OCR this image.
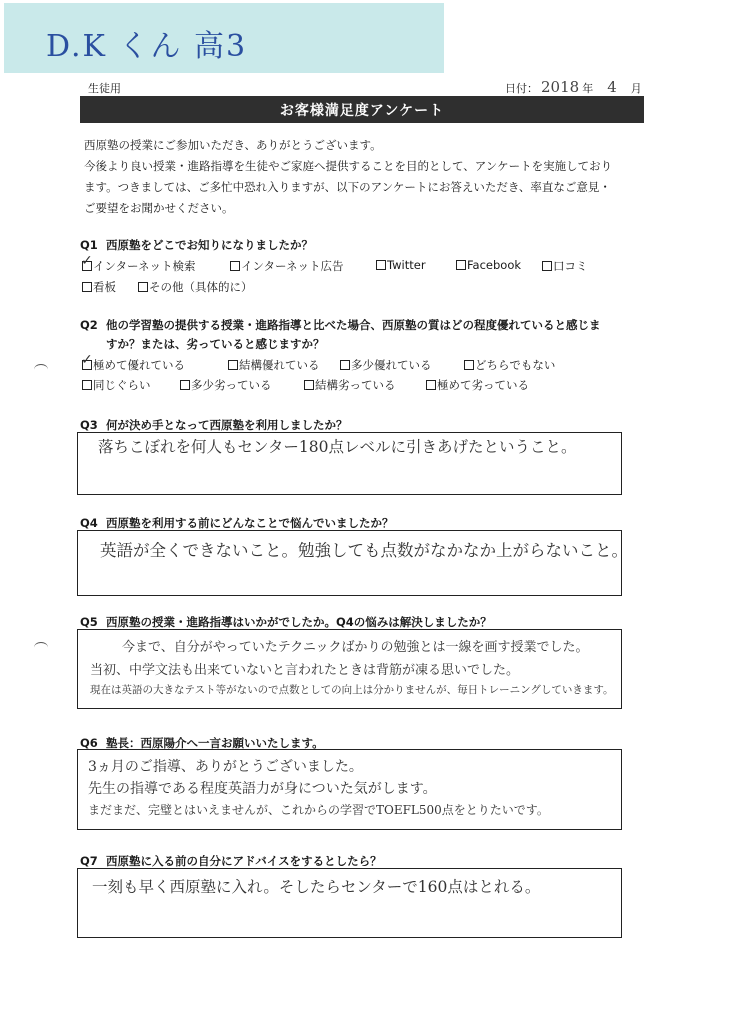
D.K くん 高3
生徒用	日付： 2018 年 4 月
お客様満足度アンケート
西原塾の授業にご参加いただき、ありがとうございます。
今後より良い授業・進路指導を生徒やご家庭へ提供することを目的として、アンケートを実施しており
ます。つきましては、ご多忙中恐れ入りますが、以下のアンケートにお答えいただき、率直なご意見・
ご要望をお聞かせください。
Q1 西原塾をどこでお知りになりましたか？
✓ インターネット検索	インターネット広告	Twitter	Facebook	口コミ
看板	その他（具体的に）
Q2 他の学習塾の提供する授業・進路指導と比べた場合、西原塾の質はどの程度優れていると感じま
すか？または、劣っていると感じますか？
✓ 極めて優れている	結構優れている	多少優れている	どちらでもない
同じぐらい	多少劣っている	結構劣っている	極めて劣っている
Q3 何が決め手となって西原塾を利用しましたか？
落ちこぼれを何人もセンター180点レベルに引きあげたということ。
Q4 西原塾を利用する前にどんなことで悩んでいましたか？
英語が全くできないこと。勉強しても点数がなかなか上がらないこと。
Q5 西原塾の授業・進路指導はいかがでしたか。Q4の悩みは解決しましたか？
今まで、自分がやっていたテクニックばかりの勉強とは一線を画す授業でした。
当初、中学文法も出来ていないと言われたときは背筋が凍る思いでした。
現在は英語の大きなテスト等がないので点数としての向上は分かりませんが、毎日トレーニングしていきます。
Q6 塾長：西原陽介へ一言お願いいたします。
3ヵ月のご指導、ありがとうございました。
先生の指導である程度英語力が身についた気がします。
まだまだ、完璧とはいえませんが、これからの学習でTOEFL500点をとりたいです。
Q7 西原塾に入る前の自分にアドバイスをするとしたら？
一刻も早く西原塾に入れ。そしたらセンターで160点はとれる。
